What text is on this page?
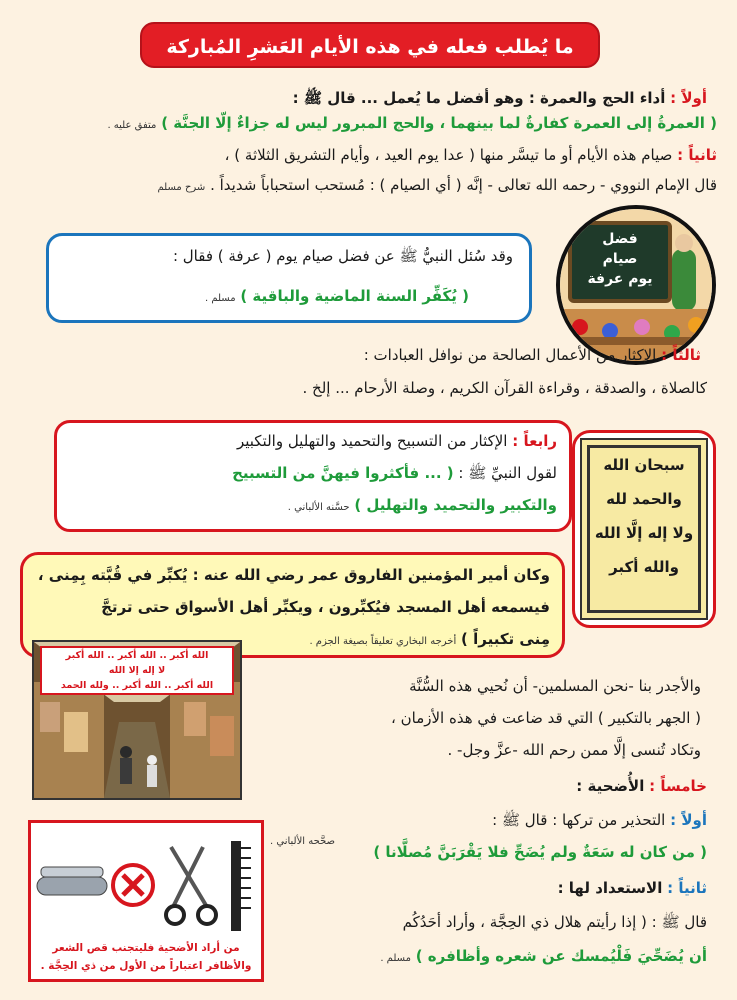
ما يُطلب فعله في هذه الأيام العَشرِ المُباركة
أولاً : أداء الحج والعمرة : وهو أفضل ما يُعمل ... قال ﷺ :
( العمرةُ إلى العمرة كفارةٌ لما بينهما ، والحج المبرور ليس له جزاءٌ إلّا الجنَّة ) متفق عليه .
ثانياً : صيام هذه الأيام أو ما تيسَّر منها ( عدا يوم العيد ، وأيام التشريق الثلاثة ) ،
قال الإمام النووي - رحمه الله تعالى - إنَّه ( أي الصيام ) : مُستحب استحباباً شديداً . شرح مسلم
وقد سُئل النبيُّ ﷺ عن فضل صيام يوم ( عرفة ) فقال :
( يُكَفِّر السنة الماضية والباقية ) مسلم .
فضل
صيام
يوم عرفة
ثالثاً : الإكثار من الأعمال الصالحة من نوافل العبادات :
كالصلاة ، والصدقة ، وقراءة القرآن الكريم ، وصلة الأرحام ... إلخ .
رابعاً : الإكثار من التسبيح والتحميد والتهليل والتكبير
لقول النبيِّ ﷺ : ( ... فأكثروا فيهنَّ من التسبيح
والتكبير والتحميد والتهليل ) حسَّنه الألباني .
سبحان الله
والحمد لله
ولا إله إلَّا الله
والله أكبر
وكان أمير المؤمنين الفاروق عمر رضي الله عنه : يُكبِّر في قُبَّته بِمِنى ،
فيسمعه أهل المسجد فيُكبِّرون ، ويكبِّر أهل الأسواق حتى ترتجَّ
مِنى تكبيراً ) أخرجه البخاري تعليقاً بصيغة الجزم .
الله أكبر .. الله أكبر .. الله أكبر
لا إله إلا الله
الله أكبر .. الله أكبر .. ولله الحمد	والأجدر بنا -نحن المسلمين- أن نُحيي هذه السُّنَّة
( الجهر بالتكبير ) التي قد ضاعت في هذه الأزمان ،
وتكاد تُنسى إلَّا ممن رحم الله -عزَّ وجل- .
خامساً : الأُضحية :
أولاً : التحذير من تركها : قال ﷺ :
( من كان له سَعَةٌ ولم يُضَحِّ فلا يَقْرَبَنَّ مُصلَّانا )
صحَّحه الألباني .
ثانياً : الاستعداد لها :
قال ﷺ : ( إذا رأيتم هلال ذي الحِجَّة ، وأراد أحَدُكُم
أن يُضَحِّيَ فَلْيُمسك عن شعره وأظافره ) مسلم .
من أراد الأضحية فليتجنب قص الشعر
والأظافر اعتباراً من الأول من ذي الحِجَّة .
